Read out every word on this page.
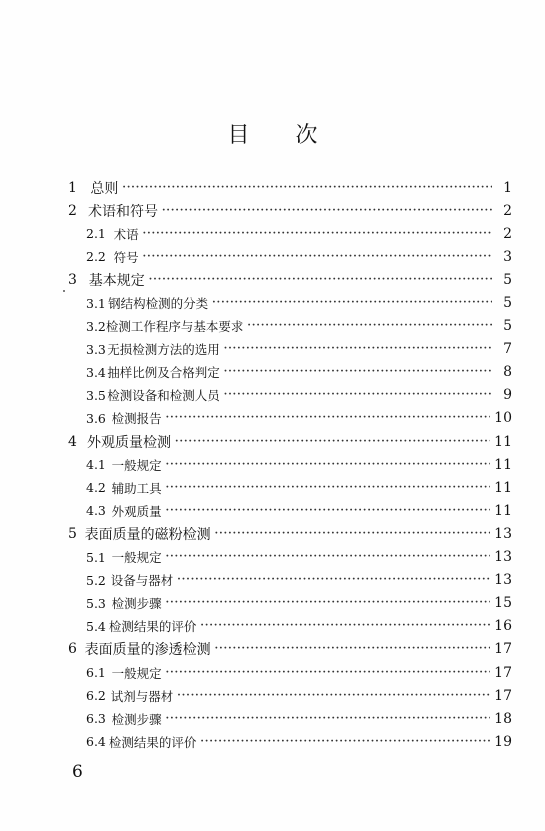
目 次
1 总则 ·····	1
2 术语和符号 ·····	2
2.1 术语 ·····	2
2.2 符号 ·····	3
3 基本规定 ·····	5
3.1 钢结构检测的分类 ·····	5
3.2 检测工作程序与基本要求 ·····	5
3.3 无损检测方法的选用 ·····	7
3.4 抽样比例及合格判定 ·····	8
3.5 检测设备和检测人员 ·····	9
3.6 检测报告 ·····	10
4 外观质量检测 ·····	11
4.1 一般规定 ·····	11
4.2 辅助工具 ·····	11
4.3 外观质量 ·····	11
5 表面质量的磁粉检测 ·····	13
5.1 一般规定 ·····	13
5.2 设备与器材 ·····	13
5.3 检测步骤 ·····	15
5.4 检测结果的评价 ·····	16
6 表面质量的渗透检测 ·····	17
6.1 一般规定 ·····	17
6.2 试剂与器材 ·····	17
6.3 检测步骤 ·····	18
6.4 检测结果的评价 ·····	19
6
